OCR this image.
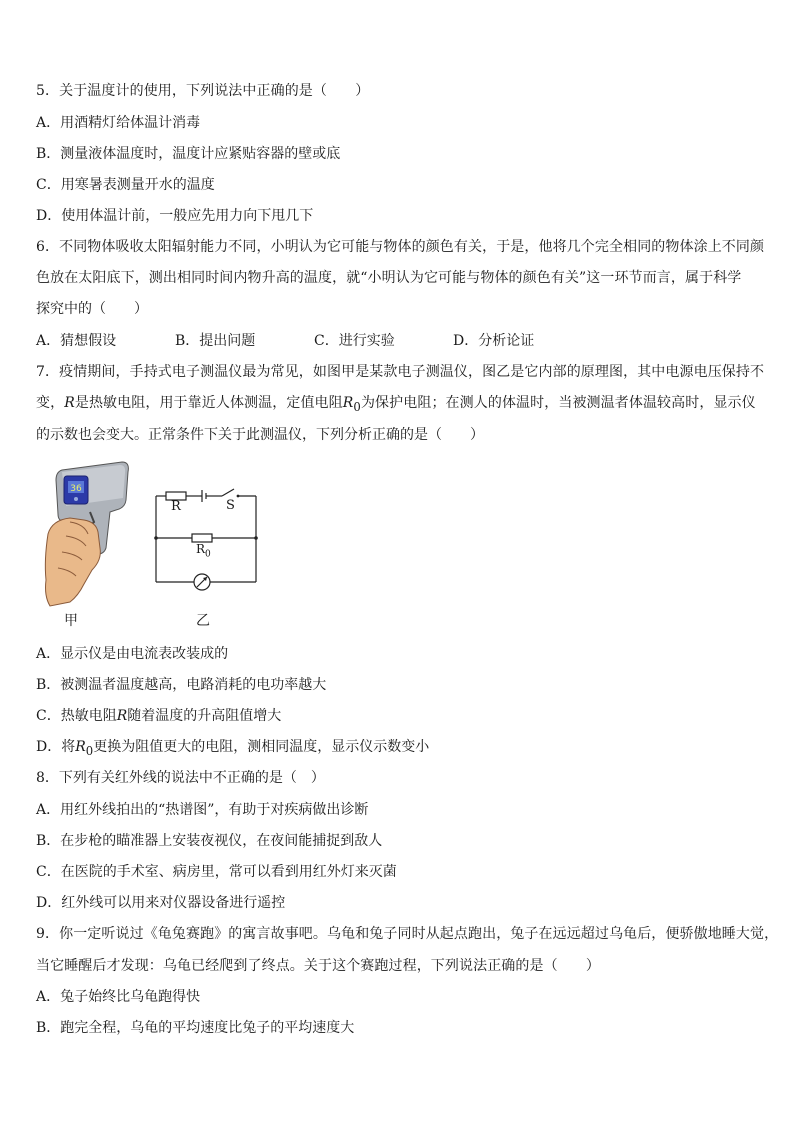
5．关于温度计的使用，下列说法中正确的是（　　）
A．用酒精灯给体温计消毒
B．测量液体温度时，温度计应紧贴容器的壁或底
C．用寒暑表测量开水的温度
D．使用体温计前，一般应先用力向下甩几下
6．不同物体吸收太阳辐射能力不同，小明认为它可能与物体的颜色有关，于是，他将几个完全相同的物体涂上不同颜
色放在太阳底下，测出相同时间内物升高的温度，就“小明认为它可能与物体的颜色有关”这一环节而言，属于科学
探究中的（　　）
A．猜想假设	B．提出问题	C．进行实验	D．分析论证
7．疫情期间，手持式电子测温仪最为常见，如图甲是某款电子测温仪，图乙是它内部的原理图，其中电源电压保持不
变，R是热敏电阻，用于靠近人体测温，定值电阻$R_0$为保护电阻；在测人的体温时，当被测温者体温较高时，显示仪
的示数也会变大。正常条件下关于此测温仪，下列分析正确的是（　　）
36
甲
R	S
$R_0$
乙
A．显示仪是由电流表改装成的
B．被测温者温度越高，电路消耗的电功率越大
C．热敏电阻R随着温度的升高阻值增大
D．将$R_0$更换为阻值更大的电阻，测相同温度，显示仪示数变小
8．下列有关红外线的说法中不正确的是（　）
A．用红外线拍出的“热谱图”，有助于对疾病做出诊断
B．在步枪的瞄准器上安装夜视仪，在夜间能捕捉到敌人
C．在医院的手术室、病房里，常可以看到用红外灯来灭菌
D．红外线可以用来对仪器设备进行遥控
9．你一定听说过《龟兔赛跑》的寓言故事吧。乌龟和兔子同时从起点跑出，兔子在远远超过乌龟后，便骄傲地睡大觉，
当它睡醒后才发现：乌龟已经爬到了终点。关于这个赛跑过程，下列说法正确的是（　　）
A．兔子始终比乌龟跑得快
B．跑完全程，乌龟的平均速度比兔子的平均速度大
